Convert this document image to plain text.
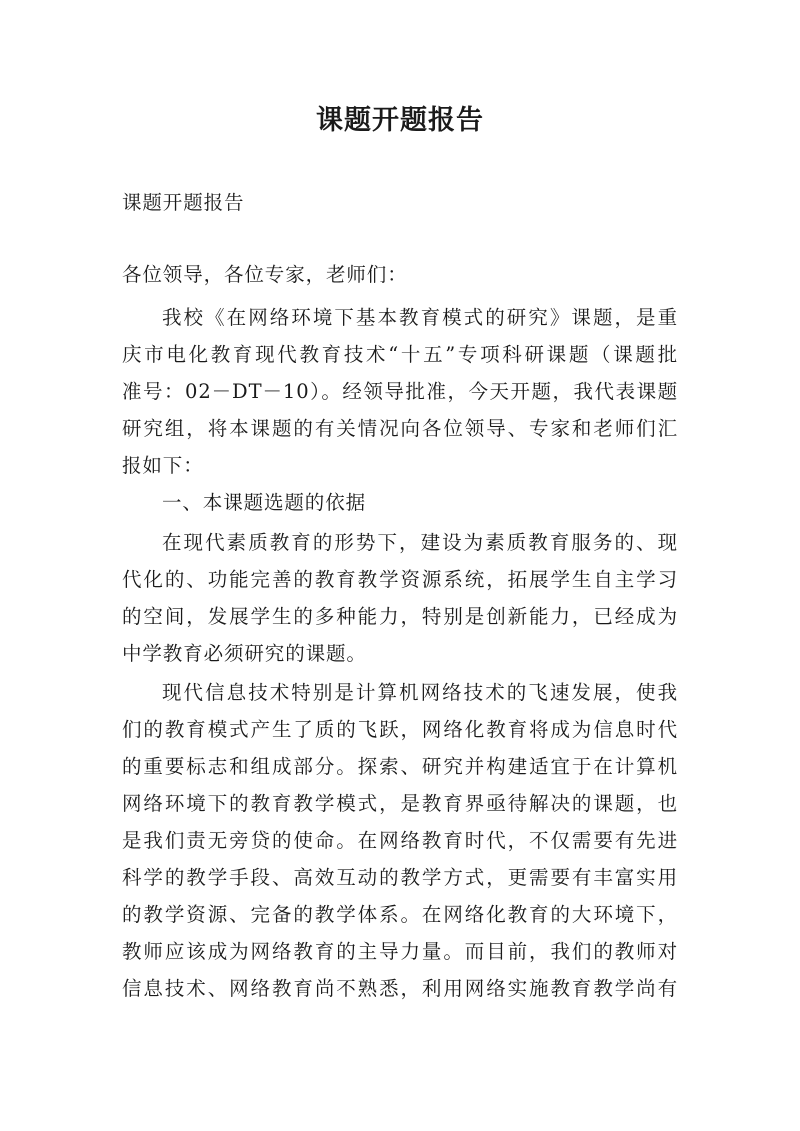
课题开题报告
课题开题报告
各位领导，各位专家，老师们：
我校《在网络环境下基本教育模式的研究》课题，是重
庆市电化教育现代教育技术“十五”专项科研课题（课题批
准号：02－DT－10）。经领导批准，今天开题，我代表课题
研究组，将本课题的有关情况向各位领导、专家和老师们汇
报如下：
一、本课题选题的依据
在现代素质教育的形势下，建设为素质教育服务的、现
代化的、功能完善的教育教学资源系统，拓展学生自主学习
的空间，发展学生的多种能力，特别是创新能力，已经成为
中学教育必须研究的课题。
现代信息技术特别是计算机网络技术的飞速发展，使我
们的教育模式产生了质的飞跃，网络化教育将成为信息时代
的重要标志和组成部分。探索、研究并构建适宜于在计算机
网络环境下的教育教学模式，是教育界亟待解决的课题，也
是我们责无旁贷的使命。在网络教育时代，不仅需要有先进
科学的教学手段、高效互动的教学方式，更需要有丰富实用
的教学资源、完备的教学体系。在网络化教育的大环境下，
教师应该成为网络教育的主导力量。而目前，我们的教师对
信息技术、网络教育尚不熟悉，利用网络实施教育教学尚有
